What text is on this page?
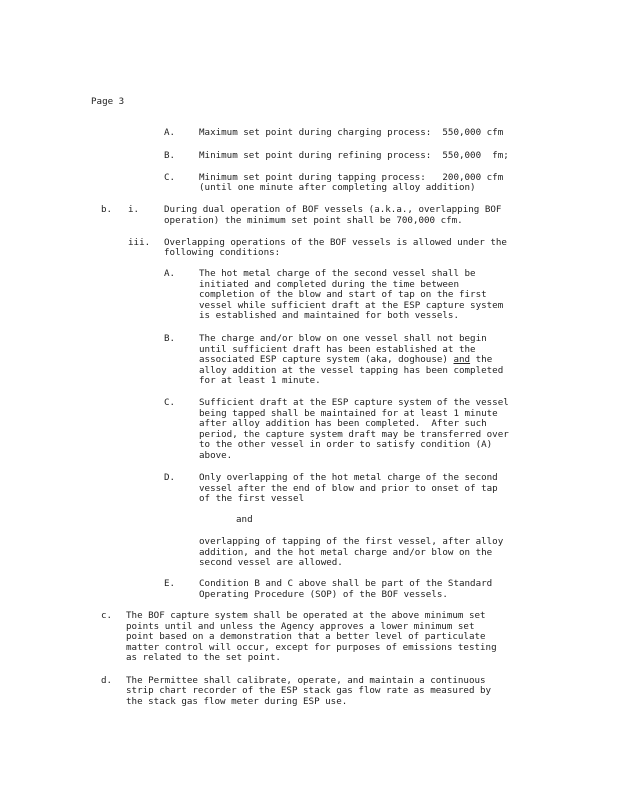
Page 3
A.	Maximum set point during charging process:  550,000 cfm
B.	Minimum set point during refining process:  550,000  fm;
C.	Minimum set point during tapping process:   200,000 cfm
(until one minute after completing alloy addition)
b. i.	During dual operation of BOF vessels (a.k.a., overlapping BOF
operation) the minimum set point shall be 700,000 cfm.
iii. Overlapping operations of the BOF vessels is allowed under the
following conditions:
A.	The hot metal charge of the second vessel shall be
initiated and completed during the time between
completion of the blow and start of tap on the first
vessel while sufficient draft at the ESP capture system
is established and maintained for both vessels.
B.	The charge and/or blow on one vessel shall not begin
until sufficient draft has been established at the
associated ESP capture system (aka, doghouse) and the
alloy addition at the vessel tapping has been completed
for at least 1 minute.
C.	Sufficient draft at the ESP capture system of the vessel
being tapped shall be maintained for at least 1 minute
after alloy addition has been completed.  After such
period, the capture system draft may be transferred over
to the other vessel in order to satisfy condition (A)
above.
D.	Only overlapping of the hot metal charge of the second
vessel after the end of blow and prior to onset of tap
of the first vessel
and
overlapping of tapping of the first vessel, after alloy
addition, and the hot metal charge and/or blow on the
second vessel are allowed.
E.	Condition B and C above shall be part of the Standard
Operating Procedure (SOP) of the BOF vessels.
c. The BOF capture system shall be operated at the above minimum set
points until and unless the Agency approves a lower minimum set
point based on a demonstration that a better level of particulate
matter control will occur, except for purposes of emissions testing
as related to the set point.
d. The Permittee shall calibrate, operate, and maintain a continuous
strip chart recorder of the ESP stack gas flow rate as measured by
the stack gas flow meter during ESP use.
